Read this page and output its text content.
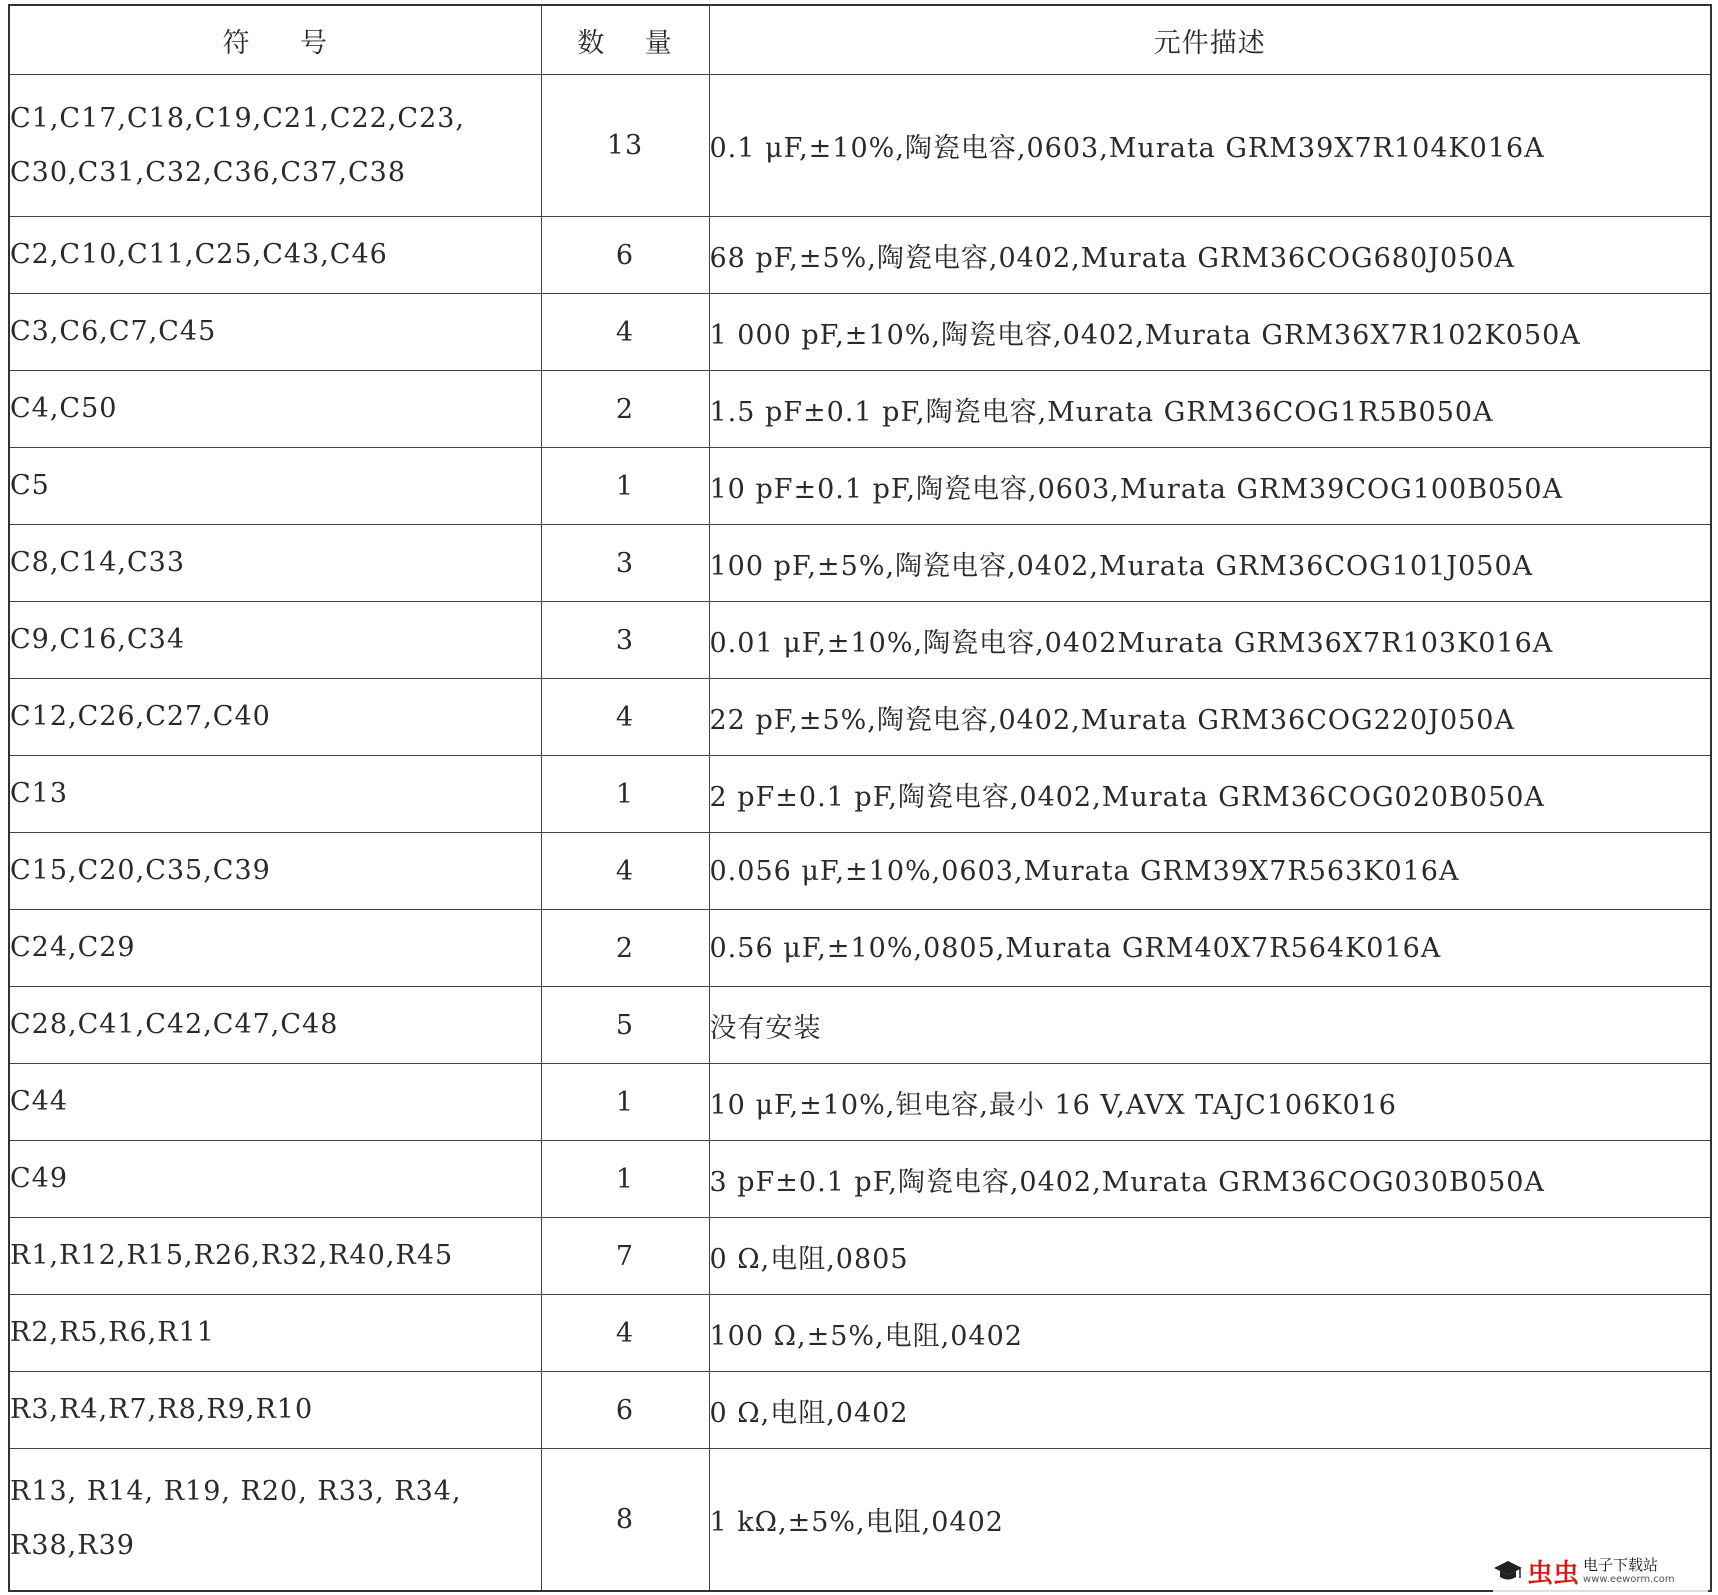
符 号	数 量	元件描述

C1,C17,C18,C19,C21,C22,C23,
C30,C31,C32,C36,C37,C38	13	0.1 μF,±10%,陶瓷电容,0603,Murata GRM39X7R104K016A

C2,C10,C11,C25,C43,C46	6	68 pF,±5%,陶瓷电容,0402,Murata GRM36COG680J050A

C3,C6,C7,C45	4	1 000 pF,±10%,陶瓷电容,0402,Murata GRM36X7R102K050A

C4,C50	2	1.5 pF±0.1 pF,陶瓷电容,Murata GRM36COG1R5B050A

C5	1	10 pF±0.1 pF,陶瓷电容,0603,Murata GRM39COG100B050A

C8,C14,C33	3	100 pF,±5%,陶瓷电容,0402,Murata GRM36COG101J050A

C9,C16,C34	3	0.01 μF,±10%,陶瓷电容,0402Murata GRM36X7R103K016A

C12,C26,C27,C40	4	22 pF,±5%,陶瓷电容,0402,Murata GRM36COG220J050A

C13	1	2 pF±0.1 pF,陶瓷电容,0402,Murata GRM36COG020B050A

C15,C20,C35,C39	4	0.056 μF,±10%,0603,Murata GRM39X7R563K016A

C24,C29	2	0.56 μF,±10%,0805,Murata GRM40X7R564K016A

C28,C41,C42,C47,C48	5	没有安装

C44	1	10 μF,±10%,钽电容,最小 16 V,AVX TAJC106K016

C49	1	3 pF±0.1 pF,陶瓷电容,0402,Murata GRM36COG030B050A

R1,R12,R15,R26,R32,R40,R45	7	0 Ω,电阻,0805

R2,R5,R6,R11	4	100 Ω,±5%,电阻,0402

R3,R4,R7,R8,R9,R10	6	0 Ω,电阻,0402

R13, R14, R19, R20, R33, R34,
R38,R39	8	1 kΩ,±5%,电阻,0402
虫虫 电子下载站
www.eeworm.com
